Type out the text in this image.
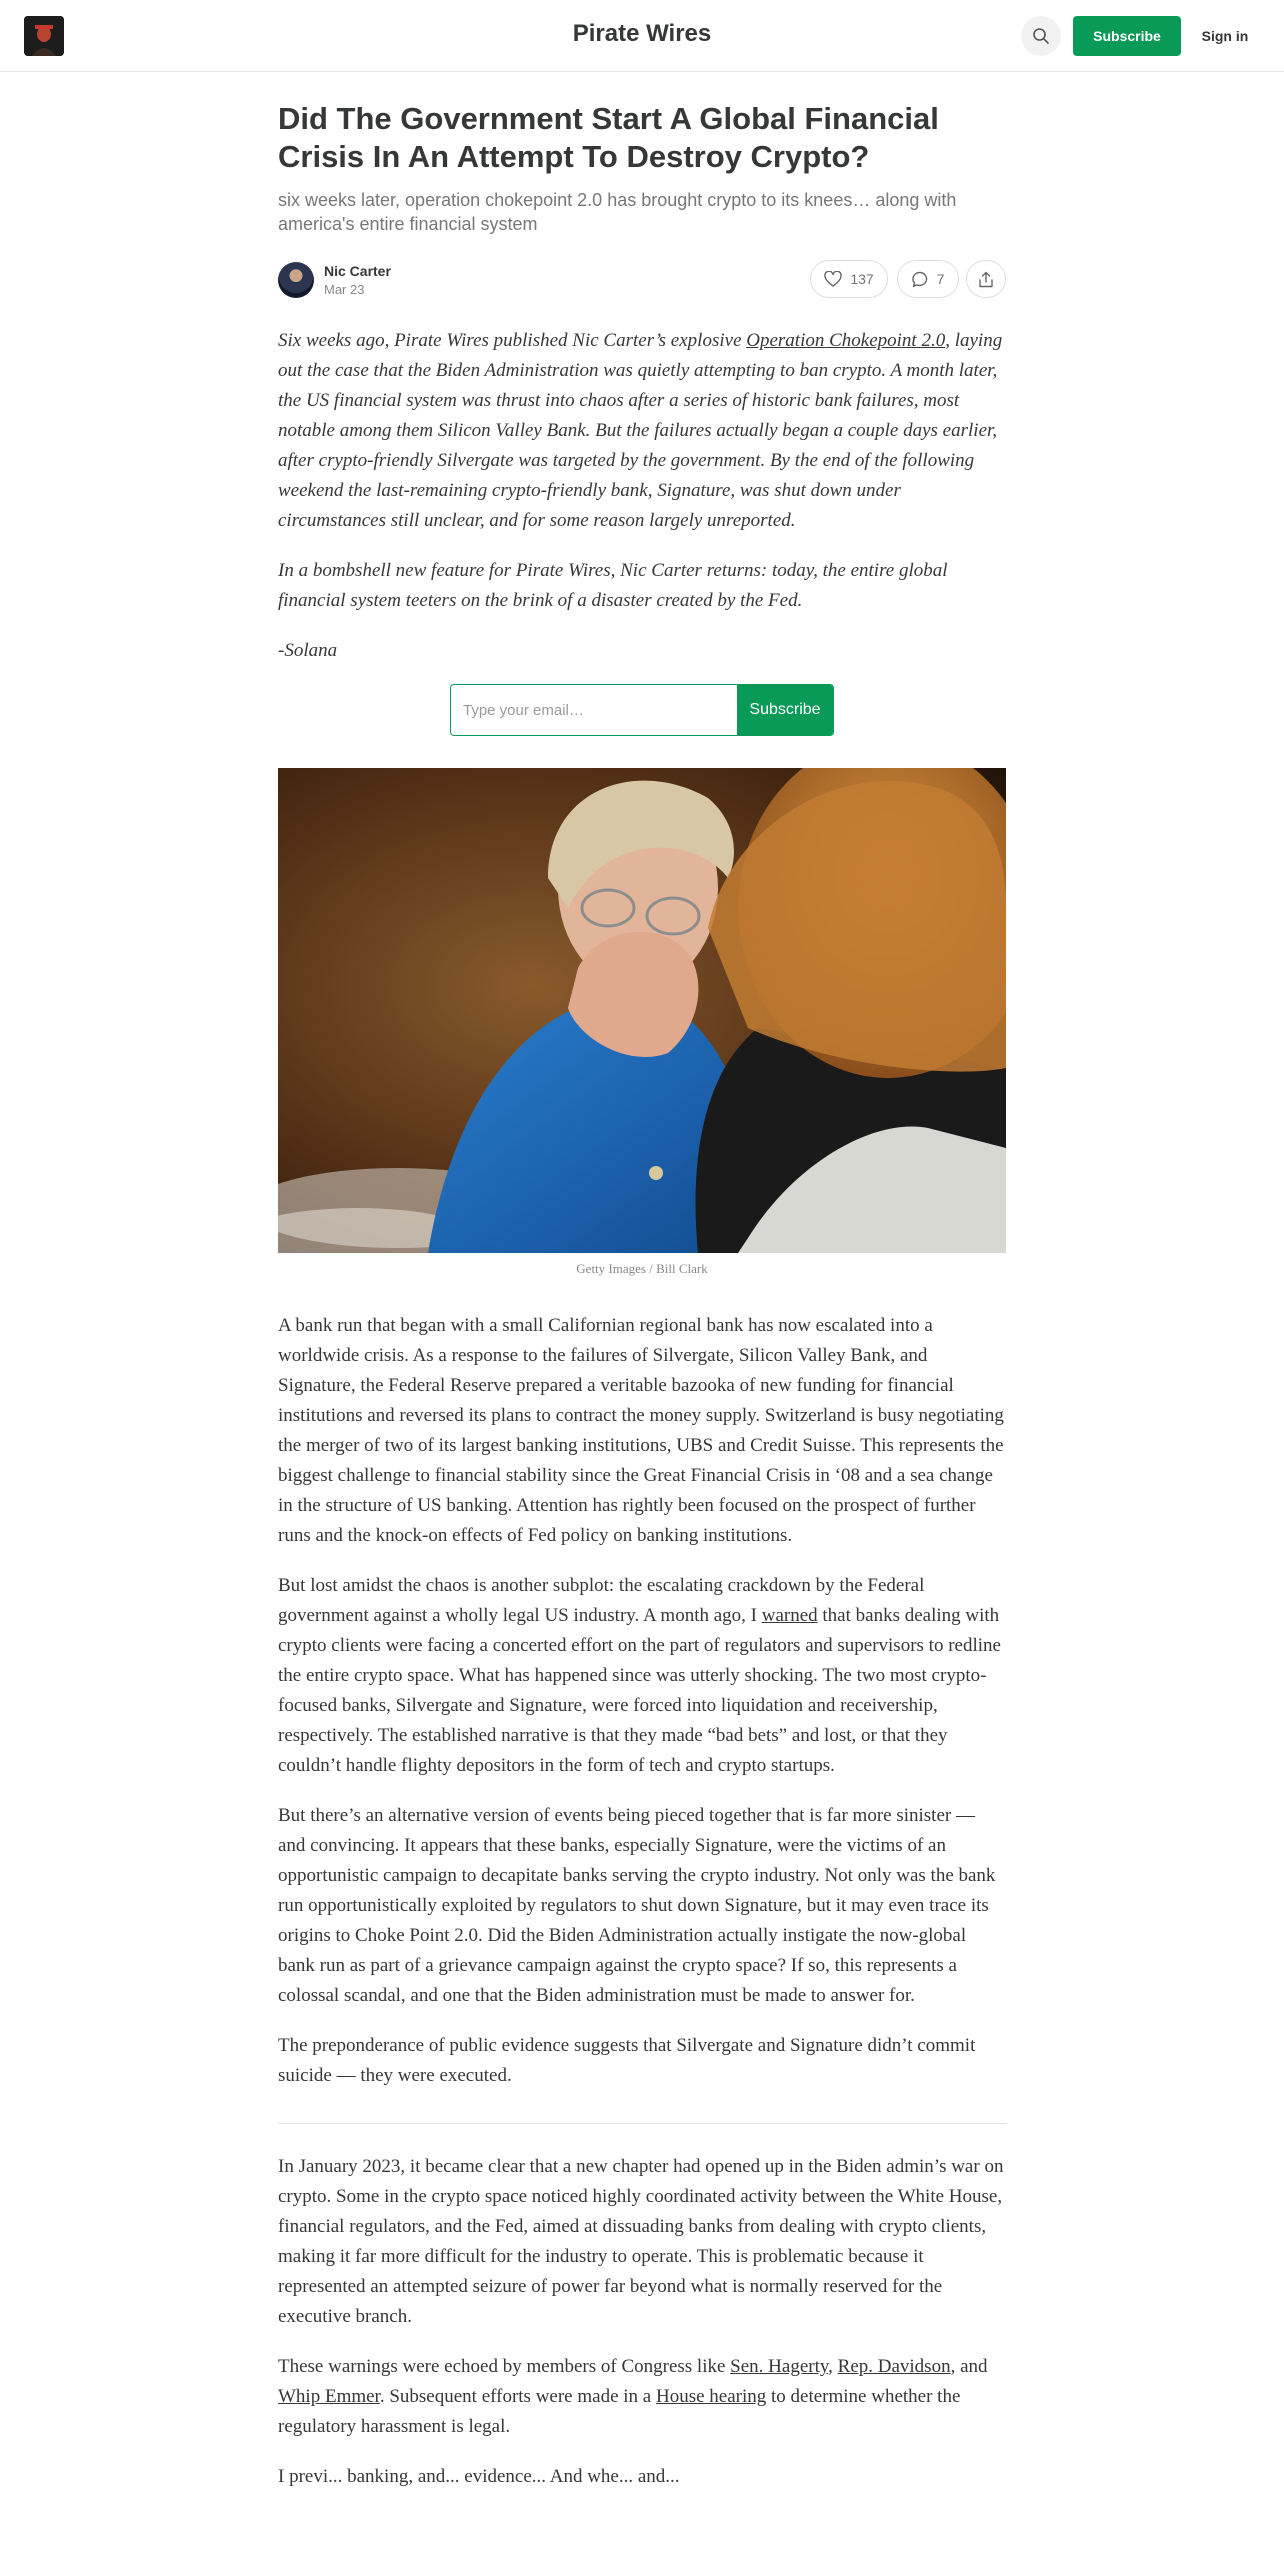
Pirate Wires	Subscribe	Sign in
Did The Government Start A Global Financial Crisis In An Attempt To Destroy Crypto?
six weeks later, operation chokepoint 2.0 has brought crypto to its knees… along with america's entire financial system
Nic Carter
Mar 23
137	7

Six weeks ago, Pirate Wires published Nic Carter’s explosive Operation Chokepoint 2.0, laying out the case that the Biden Administration was quietly attempting to ban crypto. A month later, the US financial system was thrust into chaos after a series of historic bank failures, most notable among them Silicon Valley Bank. But the failures actually began a couple days earlier, after crypto-friendly Silvergate was targeted by the government. By the end of the following weekend the last-remaining crypto-friendly bank, Signature, was shut down under circumstances still unclear, and for some reason largely unreported.

In a bombshell new feature for Pirate Wires, Nic Carter returns: today, the entire global financial system teeters on the brink of a disaster created by the Fed.

-Solana

Type your email…
Subscribe
Getty Images / Bill Clark

A bank run that began with a small Californian regional bank has now escalated into a worldwide crisis. As a response to the failures of Silvergate, Silicon Valley Bank, and Signature, the Federal Reserve prepared a veritable bazooka of new funding for financial institutions and reversed its plans to contract the money supply. Switzerland is busy negotiating the merger of two of its largest banking institutions, UBS and Credit Suisse. This represents the biggest challenge to financial stability since the Great Financial Crisis in ‘08 and a sea change in the structure of US banking. Attention has rightly been focused on the prospect of further runs and the knock-on effects of Fed policy on banking institutions.

But lost amidst the chaos is another subplot: the escalating crackdown by the Federal government against a wholly legal US industry. A month ago, I warned that banks dealing with crypto clients were facing a concerted effort on the part of regulators and supervisors to redline the entire crypto space. What has happened since was utterly shocking. The two most crypto-focused banks, Silvergate and Signature, were forced into liquidation and receivership, respectively. The established narrative is that they made “bad bets” and lost, or that they couldn’t handle flighty depositors in the form of tech and crypto startups.

But there’s an alternative version of events being pieced together that is far more sinister — and convincing. It appears that these banks, especially Signature, were the victims of an opportunistic campaign to decapitate banks serving the crypto industry. Not only was the bank run opportunistically exploited by regulators to shut down Signature, but it may even trace its origins to Choke Point 2.0. Did the Biden Administration actually instigate the now-global bank run as part of a grievance campaign against the crypto space? If so, this represents a colossal scandal, and one that the Biden administration must be made to answer for.

The preponderance of public evidence suggests that Silvergate and Signature didn’t commit suicide — they were executed.

In January 2023, it became clear that a new chapter had opened up in the Biden admin’s war on crypto. Some in the crypto space noticed highly coordinated activity between the White House, financial regulators, and the Fed, aimed at dissuading banks from dealing with crypto clients, making it far more difficult for the industry to operate. This is problematic because it represented an attempted seizure of power far beyond what is normally reserved for the executive branch.

These warnings were echoed by members of Congress like Sen. Hagerty, Rep. Davidson, and Whip Emmer. Subsequent efforts were made in a House hearing to determine whether the regulatory harassment is legal.

I previ... banking, and... evidence... And whe... and...
